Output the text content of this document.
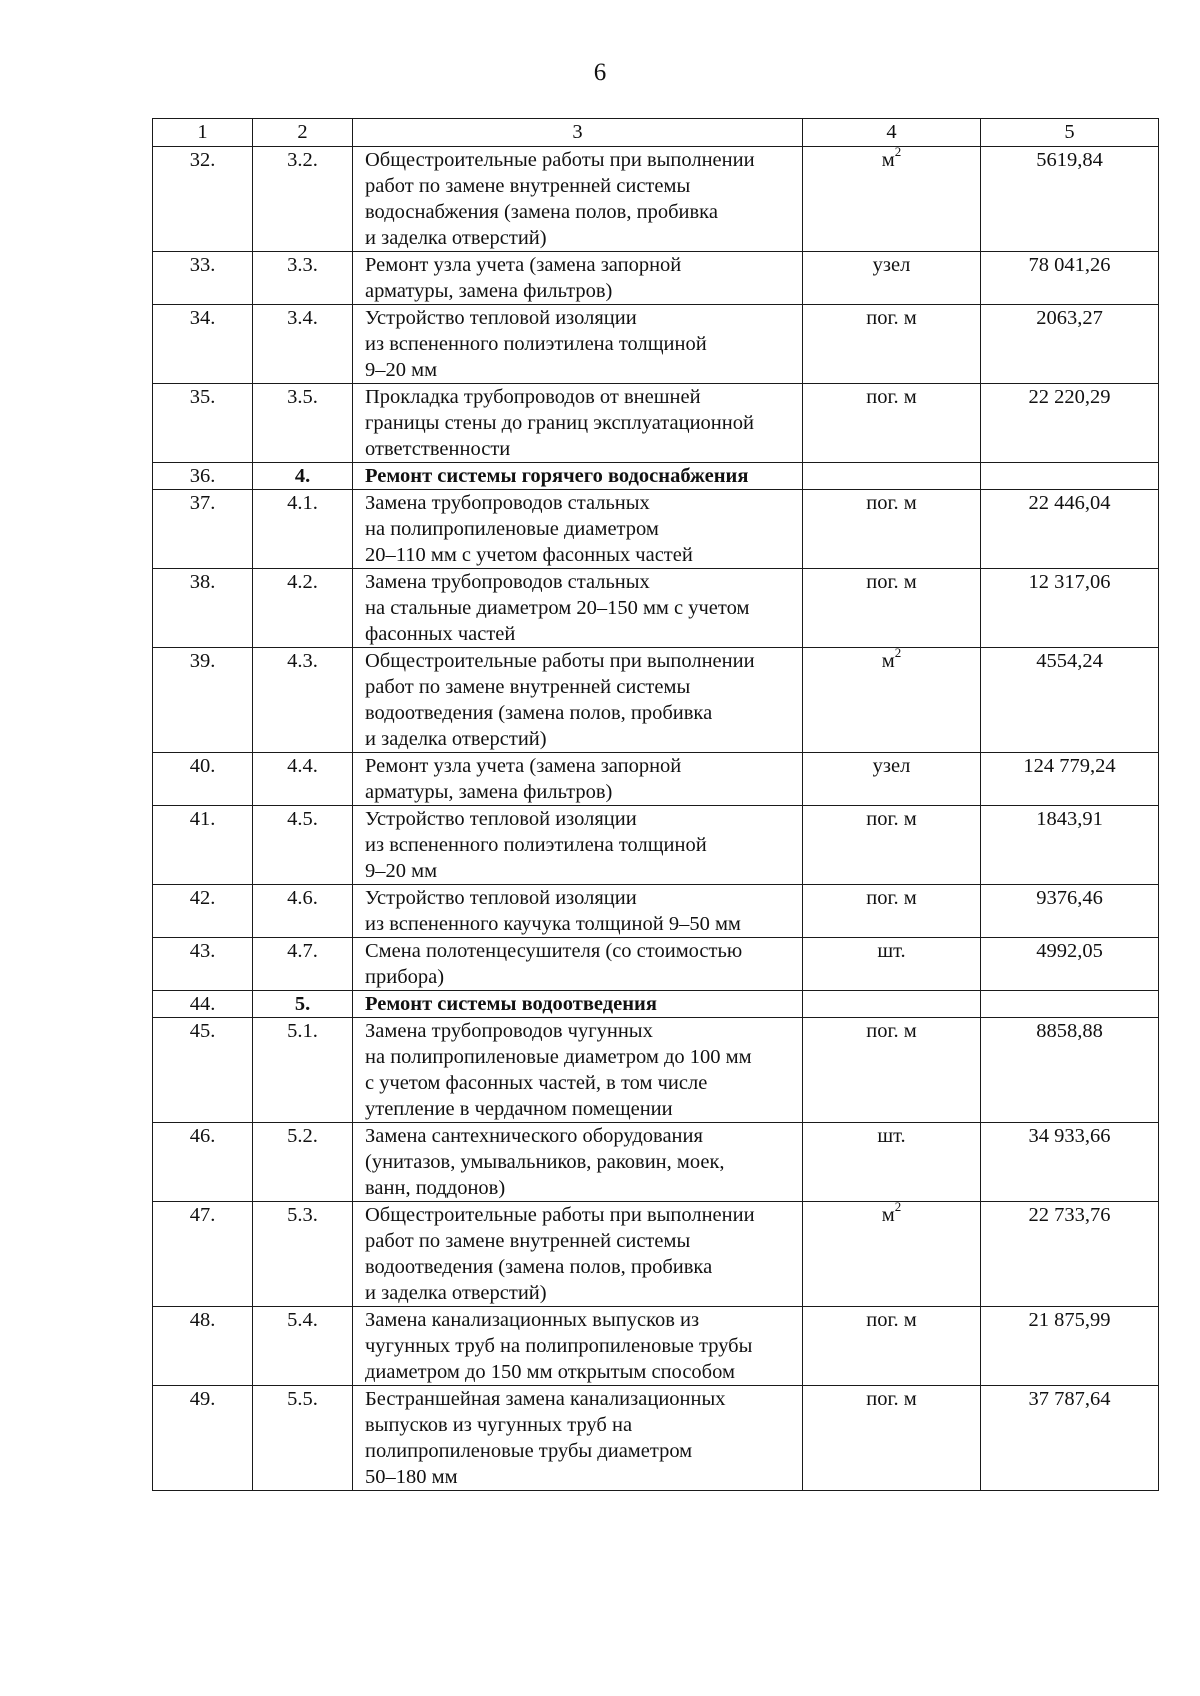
6
1	2	3	4	5
32.	3.2.	Общестроительные работы при выполнении
работ по замене внутренней системы
водоснабжения (замена полов, пробивка
и заделка отверстий)	$м^2$	5619,84
33.	3.3.	Ремонт узла учета (замена запорной
арматуры, замена фильтров)	узел	78 041,26
34.	3.4.	Устройство тепловой изоляции
из вспененного полиэтилена толщиной
9–20 мм	пог. м	2063,27
35.	3.5.	Прокладка трубопроводов от внешней
границы стены до границ эксплуатационной
ответственности	пог. м	22 220,29
36.	4.	Ремонт системы горячего водоснабжения		

37.	4.1.	Замена трубопроводов стальных
на полипропиленовые диаметром
20–110 мм с учетом фасонных частей	пог. м	22 446,04
38.	4.2.	Замена трубопроводов стальных
на стальные диаметром 20–150 мм с учетом
фасонных частей	пог. м	12 317,06
39.	4.3.	Общестроительные работы при выполнении
работ по замене внутренней системы
водоотведения (замена полов, пробивка
и заделка отверстий)	$м^2$	4554,24
40.	4.4.	Ремонт узла учета (замена запорной
арматуры, замена фильтров)	узел	124 779,24
41.	4.5.	Устройство тепловой изоляции
из вспененного полиэтилена толщиной
9–20 мм	пог. м	1843,91
42.	4.6.	Устройство тепловой изоляции
из вспененного каучука толщиной 9–50 мм	пог. м	9376,46
43.	4.7.	Смена полотенцесушителя (со стоимостью
прибора)	шт.	4992,05
44.	5.	Ремонт системы водоотведения		

45.	5.1.	Замена трубопроводов чугунных
на полипропиленовые диаметром до 100 мм
с учетом фасонных частей, в том числе
утепление в чердачном помещении	пог. м	8858,88
46.	5.2.	Замена сантехнического оборудования
(унитазов, умывальников, раковин, моек,
ванн, поддонов)	шт.	34 933,66
47.	5.3.	Общестроительные работы при выполнении
работ по замене внутренней системы
водоотведения (замена полов, пробивка
и заделка отверстий)	$м^2$	22 733,76
48.	5.4.	Замена канализационных выпусков из
чугунных труб на полипропиленовые трубы
диаметром до 150 мм открытым способом	пог. м	21 875,99
49.	5.5.	Бестраншейная замена канализационных
выпусков из чугунных труб на
полипропиленовые трубы диаметром
50–180 мм	пог. м	37 787,64
